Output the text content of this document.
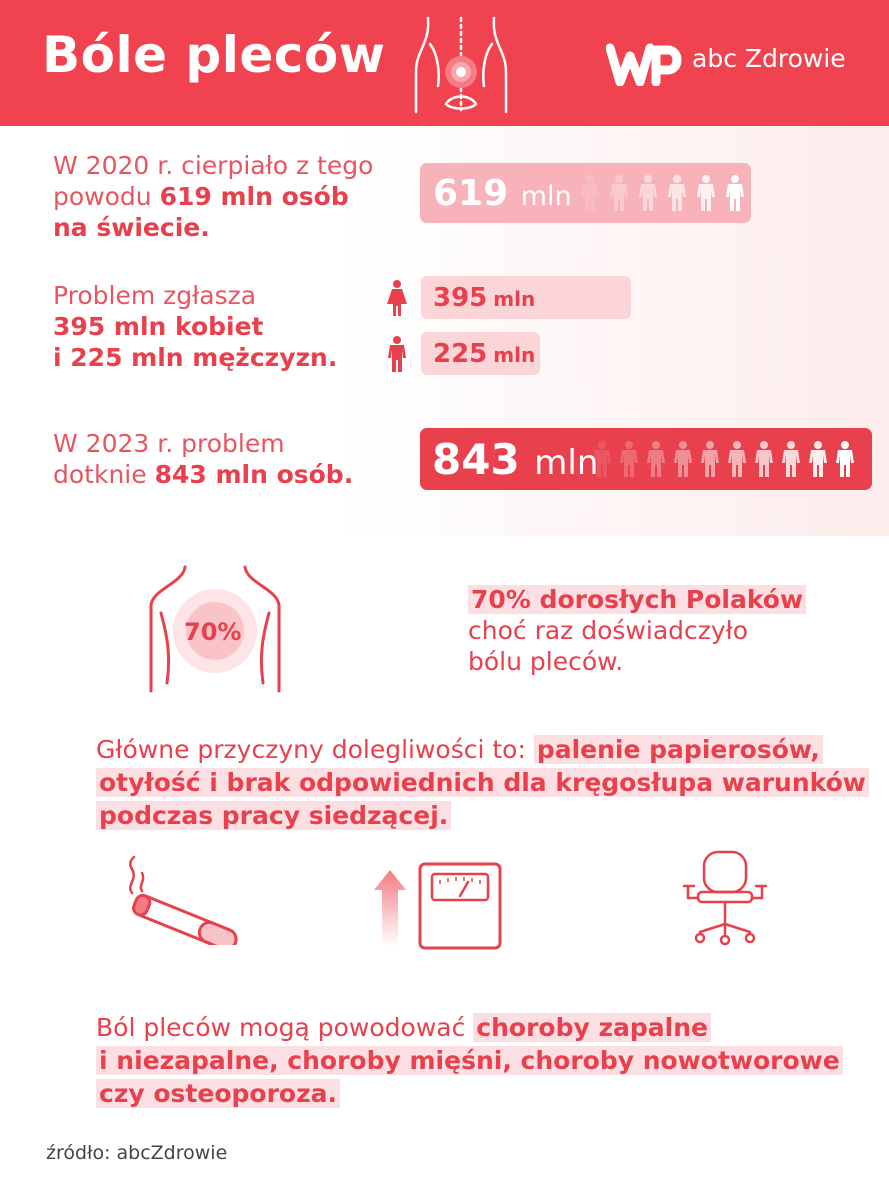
Bóle pleców	abc Zdrowie

W 2020 r. cierpiało z tego
powodu 619 mln osób
na świecie.

619 mln

Problem zgłasza
395 mln kobiet
i 225 mln mężczyzn.

395 mln
225 mln

W 2023 r. problem
dotknie 843 mln osób. 843 mln
70%

70% dorosłych Polaków
choć raz doświadczyło
bólu pleców.

Główne przyczyny dolegliwości to: palenie papierosów,
otyłość i brak odpowiednich dla kręgosłupa warunków
podczas pracy siedzącej.

Ból pleców mogą powodować choroby zapalne
i niezapalne, choroby mięśni, choroby nowotworowe
czy osteoporoza.

źródło: abcZdrowie
